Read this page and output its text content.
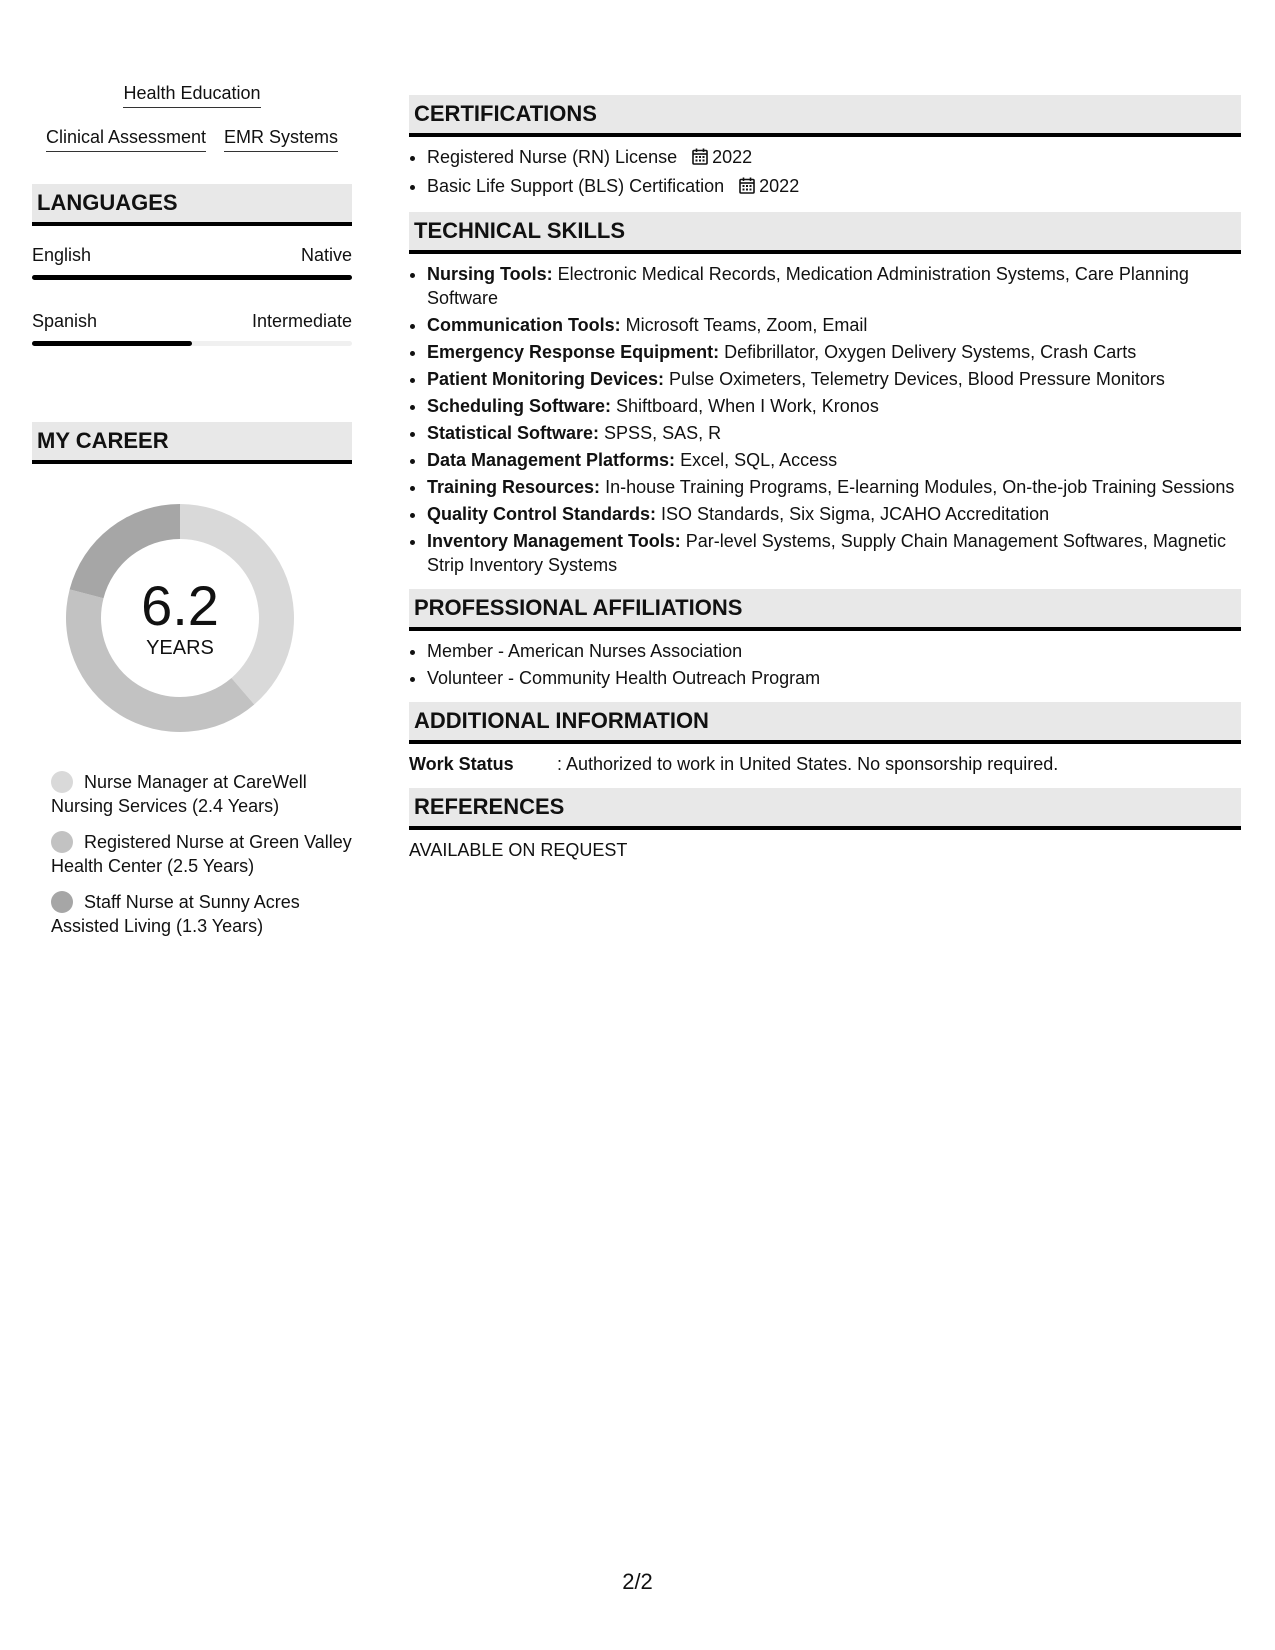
Health Education
Clinical Assessment EMR Systems
LANGUAGES
English	Native
Spanish	Intermediate
MY CAREER
6.2
YEARS
Nurse Manager at CareWell Nursing Services (2.4 Years)
Registered Nurse at Green Valley Health Center (2.5 Years)
Staff Nurse at Sunny Acres Assisted Living (1.3 Years)
CERTIFICATIONS
• Registered Nurse (RN) License 2022
• Basic Life Support (BLS) Certification 2022
TECHNICAL SKILLS
• Nursing Tools: Electronic Medical Records, Medication Administration Systems, Care Planning Software
• Communication Tools: Microsoft Teams, Zoom, Email
• Emergency Response Equipment: Defibrillator, Oxygen Delivery Systems, Crash Carts
• Patient Monitoring Devices: Pulse Oximeters, Telemetry Devices, Blood Pressure Monitors
• Scheduling Software: Shiftboard, When I Work, Kronos
• Statistical Software: SPSS, SAS, R
• Data Management Platforms: Excel, SQL, Access
• Training Resources: In-house Training Programs, E-learning Modules, On-the-job Training Sessions
• Quality Control Standards: ISO Standards, Six Sigma, JCAHO Accreditation
• Inventory Management Tools: Par-level Systems, Supply Chain Management Softwares, Magnetic Strip Inventory Systems
PROFESSIONAL AFFILIATIONS
• Member - American Nurses Association
• Volunteer - Community Health Outreach Program
ADDITIONAL INFORMATION
Work Status	: Authorized to work in United States. No sponsorship required.
REFERENCES
AVAILABLE ON REQUEST
2/2
